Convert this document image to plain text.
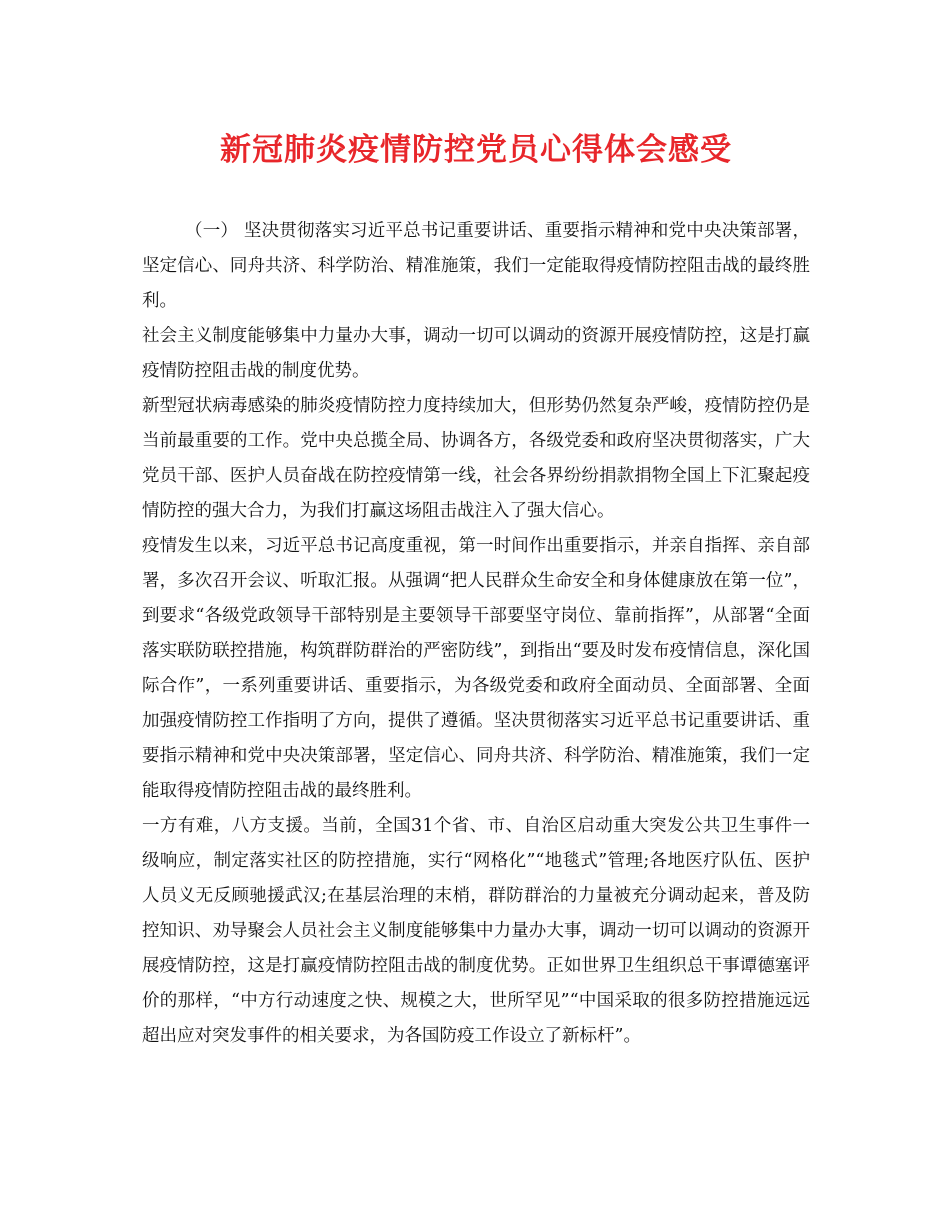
新冠肺炎疫情防控党员心得体会感受

（一） 坚决贯彻落实习近平总书记重要讲话、重要指示精神和党中央决策部署，坚定信心、同舟共济、科学防治、精准施策，我们一定能取得疫情防控阻击战的最终胜利。

社会主义制度能够集中力量办大事，调动一切可以调动的资源开展疫情防控，这是打赢疫情防控阻击战的制度优势。

新型冠状病毒感染的肺炎疫情防控力度持续加大，但形势仍然复杂严峻，疫情防控仍是当前最重要的工作。党中央总揽全局、协调各方，各级党委和政府坚决贯彻落实，广大党员干部、医护人员奋战在防控疫情第一线，社会各界纷纷捐款捐物全国上下汇聚起疫情防控的强大合力，为我们打赢这场阻击战注入了强大信心。

疫情发生以来，习近平总书记高度重视，第一时间作出重要指示，并亲自指挥、亲自部署，多次召开会议、听取汇报。从强调“把人民群众生命安全和身体健康放在第一位”，到要求“各级党政领导干部特别是主要领导干部要坚守岗位、靠前指挥”，从部署“全面落实联防联控措施，构筑群防群治的严密防线”，到指出“要及时发布疫情信息，深化国际合作”，一系列重要讲话、重要指示，为各级党委和政府全面动员、全面部署、全面加强疫情防控工作指明了方向，提供了遵循。坚决贯彻落实习近平总书记重要讲话、重要指示精神和党中央决策部署，坚定信心、同舟共济、科学防治、精准施策，我们一定能取得疫情防控阻击战的最终胜利。

一方有难，八方支援。当前，全国31个省、市、自治区启动重大突发公共卫生事件一级响应，制定落实社区的防控措施，实行“网格化”“地毯式”管理;各地医疗队伍、医护人员义无反顾驰援武汉;在基层治理的末梢，群防群治的力量被充分调动起来，普及防控知识、劝导聚会人员社会主义制度能够集中力量办大事，调动一切可以调动的资源开展疫情防控，这是打赢疫情防控阻击战的制度优势。正如世界卫生组织总干事谭德塞评价的那样，“中方行动速度之快、规模之大，世所罕见”“中国采取的很多防控措施远远超出应对突发事件的相关要求，为各国防疫工作设立了新标杆”。
